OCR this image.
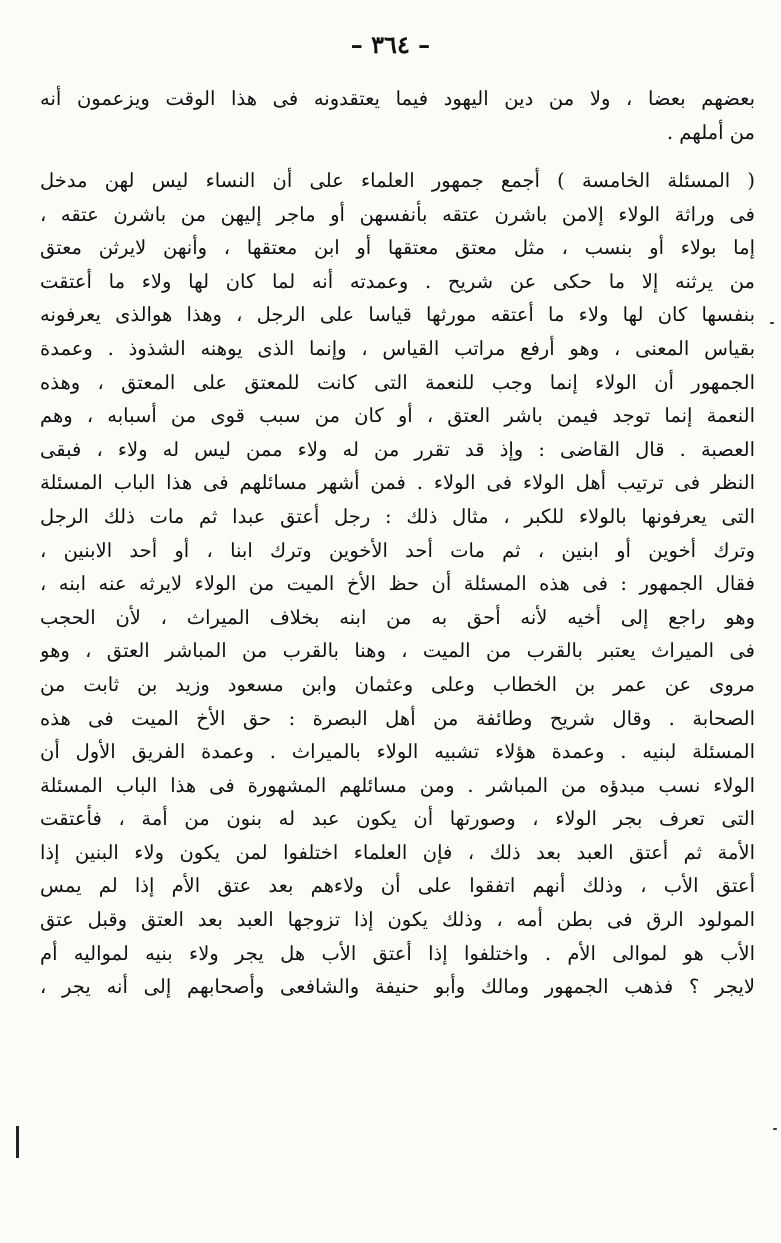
– ٣٦٤ –
بعضهم بعضا ، ولا من دين اليهود فيما يعتقدونه فى هذا الوقت ويزعمون أنه
من أملهم .
( المسئلة الخامسة ) أجمع جمهور العلماء على أن النساء ليس لهن مدخل
فى وراثة الولاء إلامن باشرن عتقه بأنفسهن أو ماجر إليهن من باشرن عتقه ،
إما بولاء أو بنسب ، مثل معتق معتقها أو ابن معتقها ، وأنهن لايرثن معتق
من يرثنه إلا ما حكى عن شريح . وعمدته أنه لما كان لها ولاء ما أعتقت
بنفسها كان لها ولاء ما أعتقه مورثها قياسا على الرجل ، وهذا هوالذى يعرفونه
بقياس المعنى ، وهو أرفع مراتب القياس ، وإنما الذى يوهنه الشذوذ . وعمدة
الجمهور أن الولاء إنما وجب للنعمة التى كانت للمعتق على المعتق ، وهذه
النعمة إنما توجد فيمن باشر العتق ، أو كان من سبب قوى من أسبابه ، وهم
العصبة . قال القاضى : وإذ قد تقرر من له ولاء ممن ليس له ولاء ، فبقى
النظر فى ترتيب أهل الولاء فى الولاء . فمن أشهر مسائلهم فى هذا الباب المسئلة
التى يعرفونها بالولاء للكبر ، مثال ذلك : رجل أعتق عبدا ثم مات ذلك الرجل
وترك أخوين أو ابنين ، ثم مات أحد الأخوين وترك ابنا ، أو أحد الابنين ،
فقال الجمهور : فى هذه المسئلة أن حظ الأخ الميت من الولاء لايرثه عنه ابنه ،
وهو راجع إلى أخيه لأنه أحق به من ابنه بخلاف الميراث ، لأن الحجب
فى الميراث يعتبر بالقرب من الميت ، وهنا بالقرب من المباشر العتق ، وهو
مروى عن عمر بن الخطاب وعلى وعثمان وابن مسعود وزيد بن ثابت من
الصحابة . وقال شريح وطائفة من أهل البصرة : حق الأخ الميت فى هذه
المسئلة لبنيه . وعمدة هؤلاء تشبيه الولاء بالميراث . وعمدة الفريق الأول أن
الولاء نسب مبدؤه من المباشر . ومن مسائلهم المشهورة فى هذا الباب المسئلة
التى تعرف بجر الولاء ، وصورتها أن يكون عبد له بنون من أمة ، فأعتقت
الأمة ثم أعتق العبد بعد ذلك ، فإن العلماء اختلفوا لمن يكون ولاء البنين إذا
أعتق الأب ، وذلك أنهم اتفقوا على أن ولاءهم بعد عتق الأم إذا لم يمس
المولود الرق فى بطن أمه ، وذلك يكون إذا تزوجها العبد بعد العتق وقبل عتق
الأب هو لموالى الأم . واختلفوا إذا أعتق الأب هل يجر ولاء بنيه لمواليه أم
لايجر ؟ فذهب الجمهور ومالك وأبو حنيفة والشافعى وأصحابهم إلى أنه يجر ،
